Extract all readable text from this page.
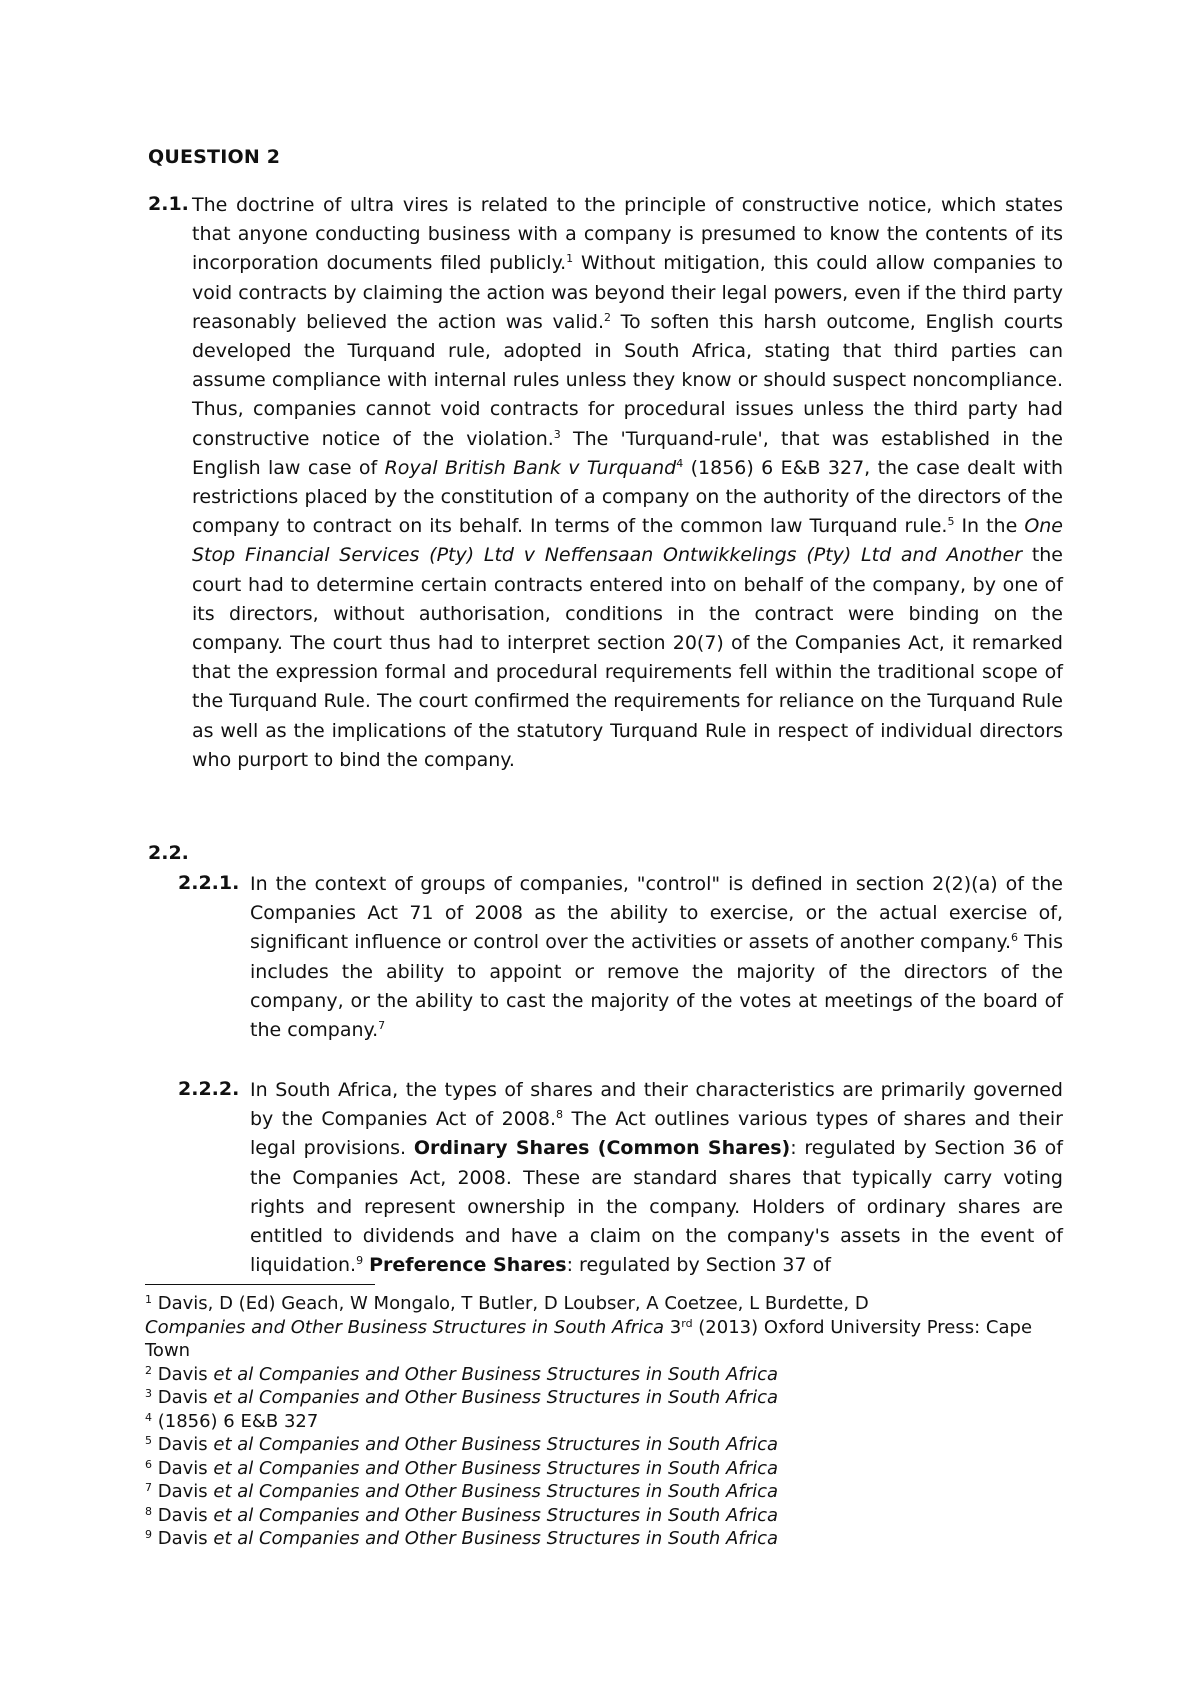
QUESTION 2
2.1. The doctrine of ultra vires is related to the principle of constructive notice, which states that anyone conducting business with a company is presumed to know the contents of its incorporation documents filed publicly.$^1$ Without mitigation, this could allow companies to void contracts by claiming the action was beyond their legal powers, even if the third party reasonably believed the action was valid.$^2$ To soften this harsh outcome, English courts developed the Turquand rule, adopted in South Africa, stating that third parties can assume compliance with internal rules unless they know or should suspect noncompliance. Thus, companies cannot void contracts for procedural issues unless the third party had constructive notice of the violation.$^3$ The 'Turquand-rule', that was established in the English law case of Royal British Bank v Turquand$^4$ (1856) 6 E&B 327, the case dealt with restrictions placed by the constitution of a company on the authority of the directors of the company to contract on its behalf. In terms of the common law Turquand rule.$^5$ In the One Stop Financial Services (Pty) Ltd v Neffensaan Ontwikkelings (Pty) Ltd and Another the court had to determine certain contracts entered into on behalf of the company, by one of its directors, without authorisation, conditions in the contract were binding on the company. The court thus had to interpret section 20(7) of the Companies Act, it remarked that the expression formal and procedural requirements fell within the traditional scope of the Turquand Rule. The court confirmed the requirements for reliance on the Turquand Rule as well as the implications of the statutory Turquand Rule in respect of individual directors who purport to bind the company.

2.2.
2.2.1. In the context of groups of companies, "control" is defined in section 2(2)(a) of the Companies Act 71 of 2008 as the ability to exercise, or the actual exercise of, significant influence or control over the activities or assets of another company.$^6$ This includes the ability to appoint or remove the majority of the directors of the company, or the ability to cast the majority of the votes at meetings of the board of the company.$^7$

2.2.2. In South Africa, the types of shares and their characteristics are primarily governed by the Companies Act of 2008.$^8$ The Act outlines various types of shares and their legal provisions. Ordinary Shares (Common Shares): regulated by Section 36 of the Companies Act, 2008. These are standard shares that typically carry voting rights and represent ownership in the company. Holders of ordinary shares are entitled to dividends and have a claim on the company's assets in the event of liquidation.$^9$ Preference Shares: regulated by Section 37 of

$^1$ Davis, D (Ed) Geach, W Mongalo, T Butler, D Loubser, A Coetzee, L Burdette, D
Companies and Other Business Structures in South Africa 3rd (2013) Oxford University Press: Cape Town

$^2$ Davis et al Companies and Other Business Structures in South Africa

$^3$ Davis et al Companies and Other Business Structures in South Africa

$^4$ (1856) 6 E&B 327

$^5$ Davis et al Companies and Other Business Structures in South Africa

$^6$ Davis et al Companies and Other Business Structures in South Africa

$^7$ Davis et al Companies and Other Business Structures in South Africa

$^8$ Davis et al Companies and Other Business Structures in South Africa

$^9$ Davis et al Companies and Other Business Structures in South Africa
